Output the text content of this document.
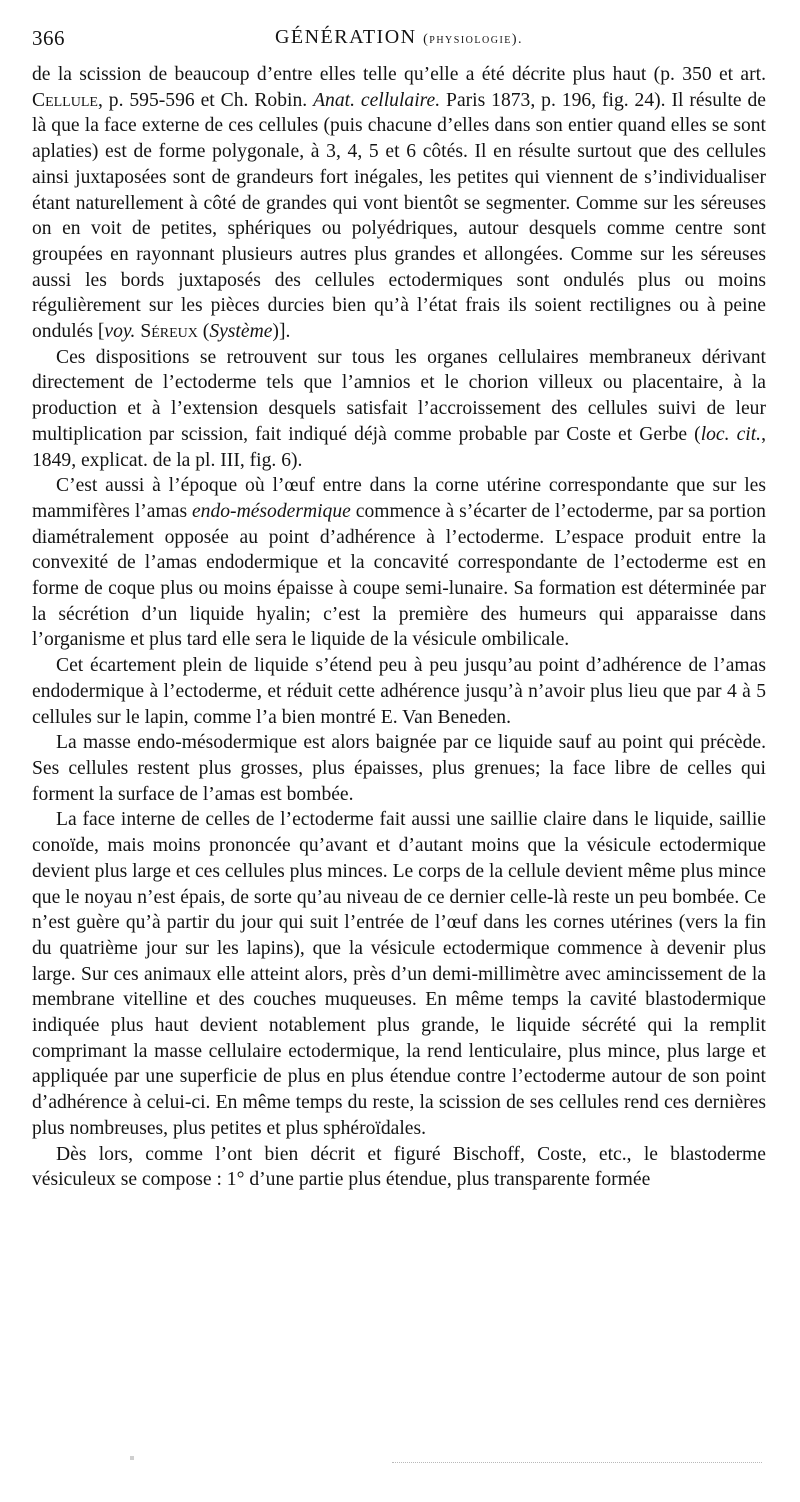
366	GÉNÉRATION (physiologie).

de la scission de beaucoup d’entre elles telle qu’elle a été décrite plus haut (p. 350 et art. Cellule, p. 595-596 et Ch. Robin. Anat. cellulaire. Paris 1873, p. 196, fig. 24). Il résulte de là que la face externe de ces cellules (puis chacune d’elles dans son entier quand elles se sont aplaties) est de forme polygonale, à 3, 4, 5 et 6 côtés. Il en résulte surtout que des cellules ainsi juxtaposées sont de grandeurs fort inégales, les petites qui viennent de s’individualiser étant naturellement à côté de grandes qui vont bientôt se segmenter. Comme sur les séreuses on en voit de petites, sphériques ou polyédriques, autour desquels comme centre sont groupées en rayonnant plusieurs autres plus grandes et allongées. Comme sur les séreuses aussi les bords juxtaposés des cellules ectodermiques sont ondulés plus ou moins régulièrement sur les pièces durcies bien qu’à l’état frais ils soient rectilignes ou à peine ondulés [voy. Séreux (Système)].

Ces dispositions se retrouvent sur tous les organes cellulaires membraneux dérivant directement de l’ectoderme tels que l’amnios et le chorion villeux ou placentaire, à la production et à l’extension desquels satisfait l’accroissement des cellules suivi de leur multiplication par scission, fait indiqué déjà comme probable par Coste et Gerbe (loc. cit., 1849, explicat. de la pl. III, fig. 6).

C’est aussi à l’époque où l’œuf entre dans la corne utérine correspondante que sur les mammifères l’amas endo-mésodermique commence à s’écarter de l’ectoderme, par sa portion diamétralement opposée au point d’adhérence à l’ectoderme. L’espace produit entre la convexité de l’amas endodermique et la concavité correspondante de l’ectoderme est en forme de coque plus ou moins épaisse à coupe semi-lunaire. Sa formation est déterminée par la sécrétion d’un liquide hyalin; c’est la première des humeurs qui apparaisse dans l’organisme et plus tard elle sera le liquide de la vésicule ombilicale.

Cet écartement plein de liquide s’étend peu à peu jusqu’au point d’adhérence de l’amas endodermique à l’ectoderme, et réduit cette adhérence jusqu’à n’avoir plus lieu que par 4 à 5 cellules sur le lapin, comme l’a bien montré E. Van Beneden.

La masse endo-mésodermique est alors baignée par ce liquide sauf au point qui précède. Ses cellules restent plus grosses, plus épaisses, plus grenues; la face libre de celles qui forment la surface de l’amas est bombée.

La face interne de celles de l’ectoderme fait aussi une saillie claire dans le liquide, saillie conoïde, mais moins prononcée qu’avant et d’autant moins que la vésicule ectodermique devient plus large et ces cellules plus minces. Le corps de la cellule devient même plus mince que le noyau n’est épais, de sorte qu’au niveau de ce dernier celle-là reste un peu bombée. Ce n’est guère qu’à partir du jour qui suit l’entrée de l’œuf dans les cornes utérines (vers la fin du quatrième jour sur les lapins), que la vésicule ectodermique commence à devenir plus large. Sur ces animaux elle atteint alors, près d’un demi-millimètre avec amincissement de la membrane vitelline et des couches muqueuses. En même temps la cavité blastodermique indiquée plus haut devient notablement plus grande, le liquide sécrété qui la remplit comprimant la masse cellulaire ectodermique, la rend lenticulaire, plus mince, plus large et appliquée par une superficie de plus en plus étendue contre l’ectoderme autour de son point d’adhérence à celui-ci. En même temps du reste, la scission de ses cellules rend ces dernières plus nombreuses, plus petites et plus sphéroïdales.

Dès lors, comme l’ont bien décrit et figuré Bischoff, Coste, etc., le blastoderme vésiculeux se compose : 1° d’une partie plus étendue, plus transparente formée
